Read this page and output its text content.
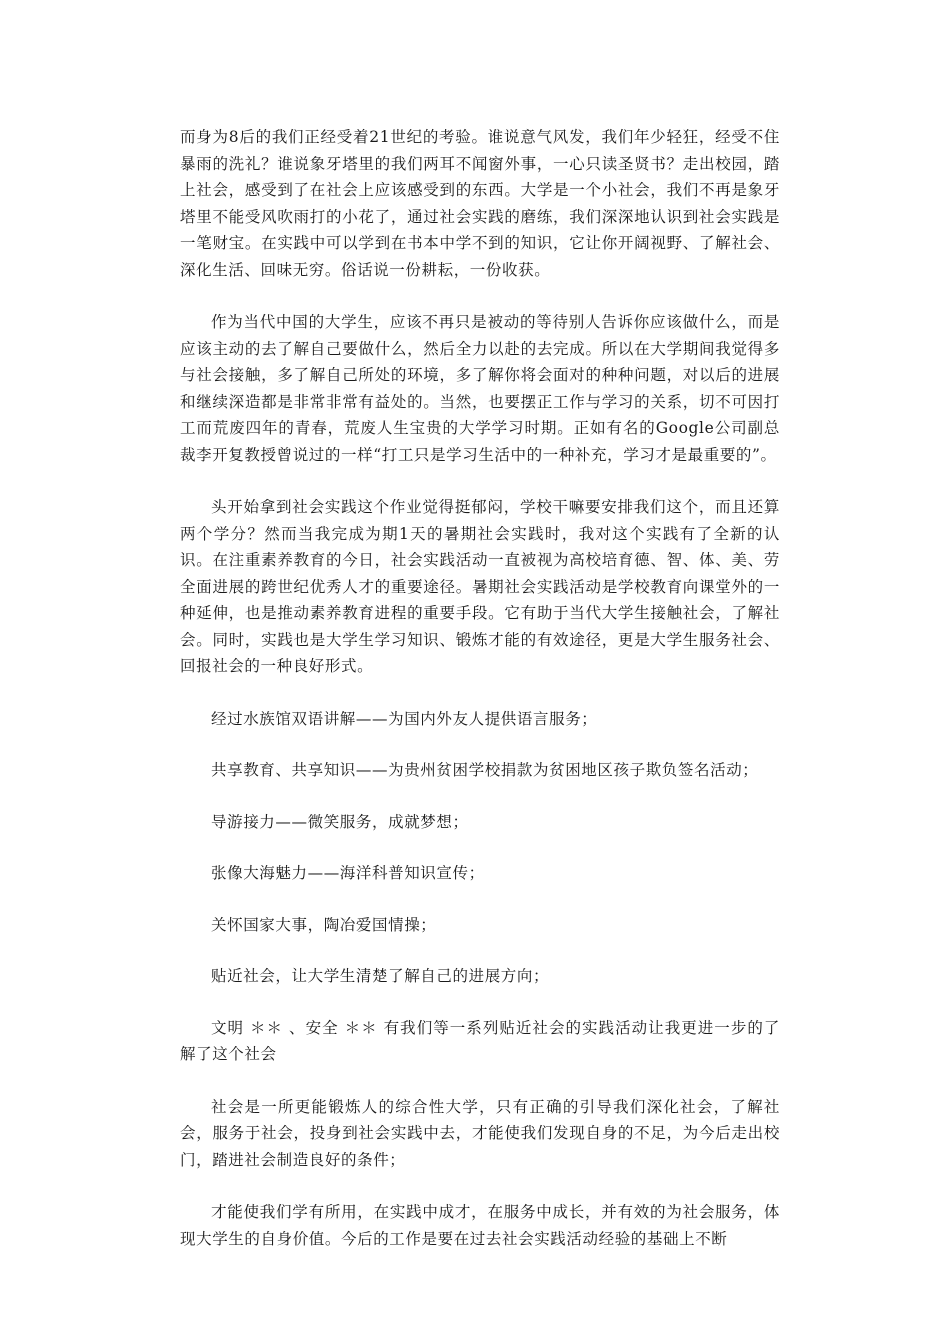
而身为8后的我们正经受着21世纪的考验。谁说意气风发，我们年少轻狂，经受不住暴雨的洗礼？谁说象牙塔里的我们两耳不闻窗外事，一心只读圣贤书？走出校园，踏上社会，感受到了在社会上应该感受到的东西。大学是一个小社会，我们不再是象牙塔里不能受风吹雨打的小花了，通过社会实践的磨练，我们深深地认识到社会实践是一笔财宝。在实践中可以学到在书本中学不到的知识，它让你开阔视野、了解社会、深化生活、回味无穷。俗话说一份耕耘，一份收获。

作为当代中国的大学生，应该不再只是被动的等待别人告诉你应该做什么，而是应该主动的去了解自己要做什么，然后全力以赴的去完成。所以在大学期间我觉得多与社会接触，多了解自己所处的环境，多了解你将会面对的种种问题，对以后的进展和继续深造都是非常非常有益处的。当然，也要摆正工作与学习的关系，切不可因打工而荒废四年的青春，荒废人生宝贵的大学学习时期。正如有名的Google公司副总裁李开复教授曾说过的一样“打工只是学习生活中的一种补充，学习才是最重要的”。

头开始拿到社会实践这个作业觉得挺郁闷，学校干嘛要安排我们这个，而且还算两个学分？然而当我完成为期1天的暑期社会实践时，我对这个实践有了全新的认识。在注重素养教育的今日，社会实践活动一直被视为高校培育德、智、体、美、劳全面进展的跨世纪优秀人才的重要途径。暑期社会实践活动是学校教育向课堂外的一种延伸，也是推动素养教育进程的重要手段。它有助于当代大学生接触社会，了解社会。同时，实践也是大学生学习知识、锻炼才能的有效途径，更是大学生服务社会、回报社会的一种良好形式。

经过水族馆双语讲解——为国内外友人提供语言服务；

共享教育、共享知识——为贵州贫困学校捐款为贫困地区孩子欺负签名活动；

导游接力——微笑服务，成就梦想；

张像大海魅力——海洋科普知识宣传；

关怀国家大事，陶冶爱国情操；

贴近社会，让大学生清楚了解自己的进展方向；

文明 ＊＊ 、安全 ＊＊ 有我们等一系列贴近社会的实践活动让我更进一步的了解了这个社会

社会是一所更能锻炼人的综合性大学，只有正确的引导我们深化社会，了解社会，服务于社会，投身到社会实践中去，才能使我们发现自身的不足，为今后走出校门，踏进社会制造良好的条件；

才能使我们学有所用，在实践中成才，在服务中成长，并有效的为社会服务，体现大学生的自身价值。今后的工作是要在过去社会实践活动经验的基础上不断
